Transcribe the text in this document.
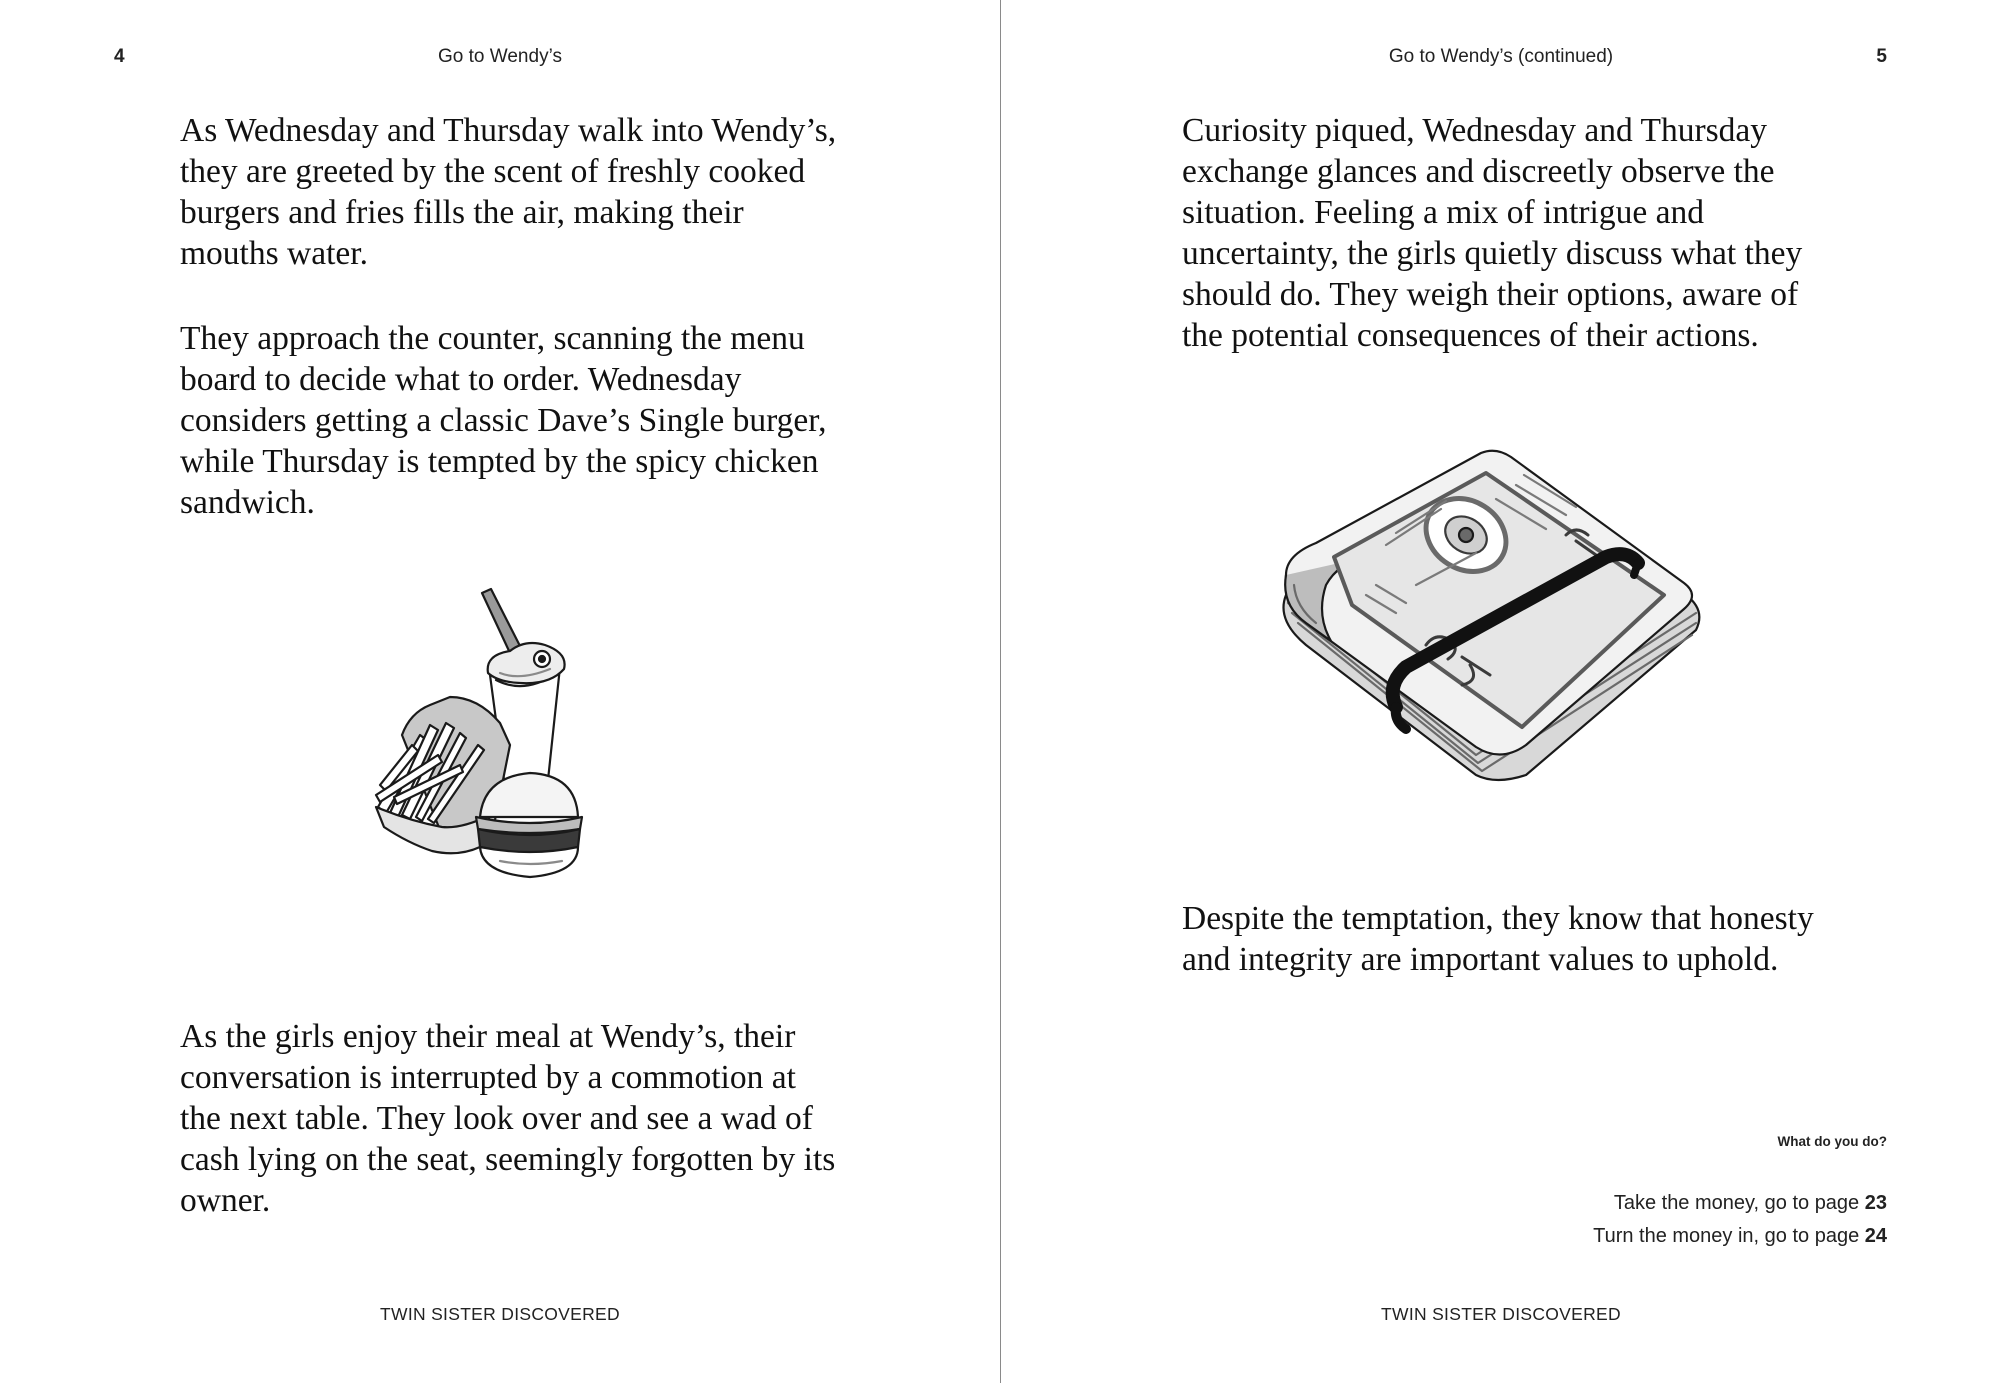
4	Go to Wendy’s

As Wednesday and Thursday walk into Wendy’s, they are greeted by the scent of freshly cooked burgers and fries fills the air, making their mouths water.

They approach the counter, scanning the menu board to decide what to order. Wednesday considers getting a classic Dave’s Single burger, while Thursday is tempted by the spicy chicken sandwich.

As the girls enjoy their meal at Wendy’s, their conversation is interrupted by a commotion at the next table. They look over and see a wad of cash lying on the seat, seemingly forgotten by its owner.

TWIN SISTER DISCOVERED
Go to Wendy’s (continued)	5

Curiosity piqued, Wednesday and Thursday exchange glances and discreetly observe the situation. Feeling a mix of intrigue and uncertainty, the girls quietly discuss what they should do. They weigh their options, aware of the potential consequences of their actions.

Despite the temptation, they know that honesty and integrity are important values to uphold.

What do you do?
Take the money, go to page 23
Turn the money in, go to page 24
TWIN SISTER DISCOVERED
